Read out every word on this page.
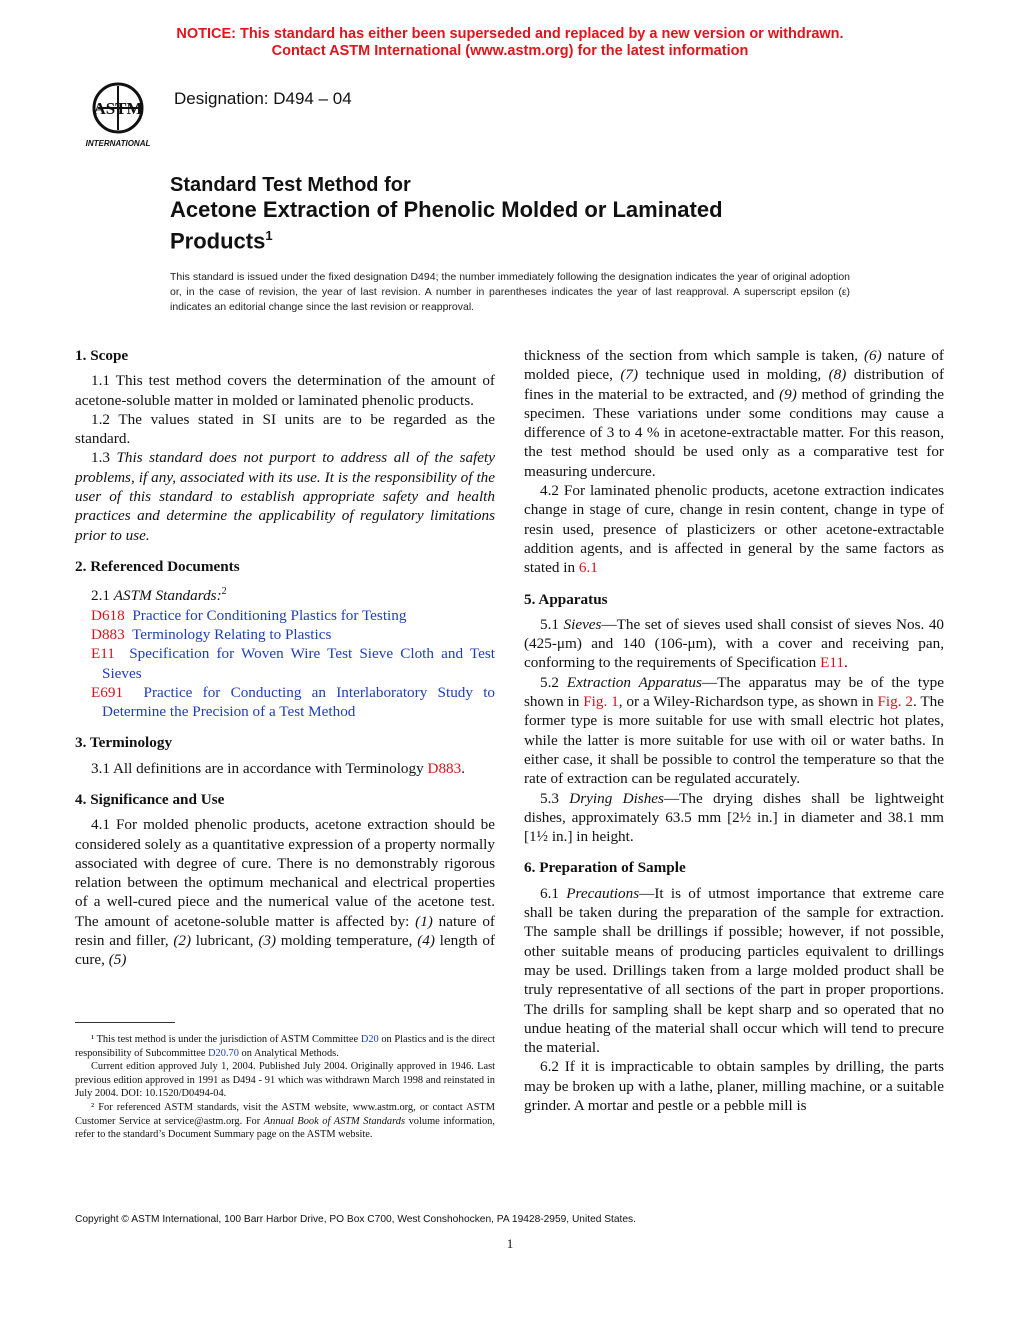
NOTICE: This standard has either been superseded and replaced by a new version or withdrawn.
Contact ASTM International (www.astm.org) for the latest information
ASTM
INTERNATIONAL
Designation: D494 – 04
Standard Test Method for
Acetone Extraction of Phenolic Molded or Laminated
Products$^1$
This standard is issued under the fixed designation D494; the number immediately following the designation indicates the year of original adoption or, in the case of revision, the year of last revision. A number in parentheses indicates the year of last reapproval. A superscript epsilon (ε) indicates an editorial change since the last revision or reapproval.
1. Scope

1.1 This test method covers the determination of the amount of acetone-soluble matter in molded or laminated phenolic products.

1.2 The values stated in SI units are to be regarded as the standard.

1.3 This standard does not purport to address all of the safety problems, if any, associated with its use. It is the responsibility of the user of this standard to establish appropriate safety and health practices and determine the applicability of regulatory limitations prior to use.

2. Referenced Documents

2.1 ASTM Standards:$^2$

D618 Practice for Conditioning Plastics for Testing

D883 Terminology Relating to Plastics

E11 Specification for Woven Wire Test Sieve Cloth and Test Sieves

E691 Practice for Conducting an Interlaboratory Study to Determine the Precision of a Test Method

3. Terminology

3.1 All definitions are in accordance with Terminology D883.

4. Significance and Use

4.1 For molded phenolic products, acetone extraction should be considered solely as a quantitative expression of a property normally associated with degree of cure. There is no demonstrably rigorous relation between the optimum mechanical and electrical properties of a well-cured piece and the numerical value of the acetone test. The amount of acetone-soluble matter is affected by: (1) nature of resin and filler, (2) lubricant, (3) molding temperature, (4) length of cure, (5)

¹ This test method is under the jurisdiction of ASTM Committee D20 on Plastics and is the direct responsibility of Subcommittee D20.70 on Analytical Methods.

Current edition approved July 1, 2004. Published July 2004. Originally approved in 1946. Last previous edition approved in 1991 as D494 - 91 which was withdrawn March 1998 and reinstated in July 2004. DOI: 10.1520/D0494-04.

² For referenced ASTM standards, visit the ASTM website, www.astm.org, or contact ASTM Customer Service at service@astm.org. For Annual Book of ASTM Standards volume information, refer to the standard’s Document Summary page on the ASTM website.

thickness of the section from which sample is taken, (6) nature of molded piece, (7) technique used in molding, (8) distribution of fines in the material to be extracted, and (9) method of grinding the specimen. These variations under some conditions may cause a difference of 3 to 4 % in acetone-extractable matter. For this reason, the test method should be used only as a comparative test for measuring undercure.

4.2 For laminated phenolic products, acetone extraction indicates change in stage of cure, change in resin content, change in type of resin used, presence of plasticizers or other acetone-extractable addition agents, and is affected in general by the same factors as stated in 6.1

5. Apparatus

5.1 Sieves—The set of sieves used shall consist of sieves Nos. 40 (425-μm) and 140 (106-μm), with a cover and receiving pan, conforming to the requirements of Specification E11.

5.2 Extraction Apparatus—The apparatus may be of the type shown in Fig. 1, or a Wiley-Richardson type, as shown in Fig. 2. The former type is more suitable for use with small electric hot plates, while the latter is more suitable for use with oil or water baths. In either case, it shall be possible to control the temperature so that the rate of extraction can be regulated accurately.

5.3 Drying Dishes—The drying dishes shall be lightweight dishes, approximately 63.5 mm [2½ in.] in diameter and 38.1 mm [1½ in.] in height.

6. Preparation of Sample

6.1 Precautions—It is of utmost importance that extreme care shall be taken during the preparation of the sample for extraction. The sample shall be drillings if possible; however, if not possible, other suitable means of producing particles equivalent to drillings may be used. Drillings taken from a large molded product shall be truly representative of all sections of the part in proper proportions. The drills for sampling shall be kept sharp and so operated that no undue heating of the material shall occur which will tend to precure the material.

6.2 If it is impracticable to obtain samples by drilling, the parts may be broken up with a lathe, planer, milling machine, or a suitable grinder. A mortar and pestle or a pebble mill is

Copyright © ASTM International, 100 Barr Harbor Drive, PO Box C700, West Conshohocken, PA 19428-2959, United States.
1
